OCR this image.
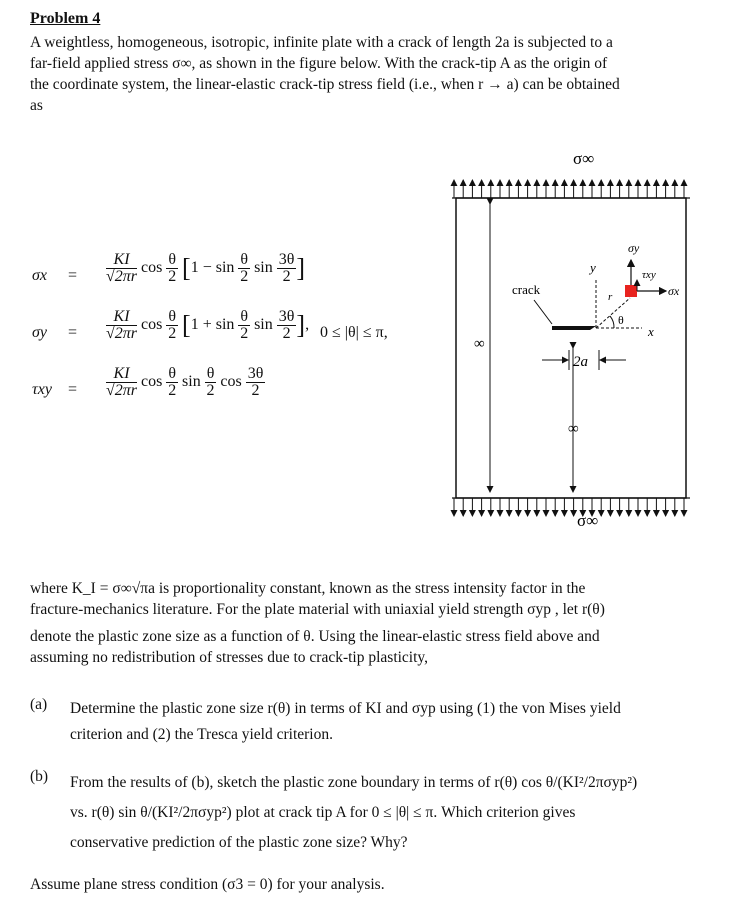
Problem 4
A weightless, homogeneous, isotropic, infinite plate with a crack of length 2a is subjected to a
far-field applied stress σ∞, as shown in the figure below. With the crack-tip A as the origin of
the coordinate system, the linear-elastic crack-tip stress field (i.e., when r → a) can be obtained
as
$\sigma x = \frac{KI}{√2\pi r}$ $\cos \frac{\theta}{2} [1 - \sin \frac{\theta}{2}$ $\sin \frac{3\theta}{2}$ ]
$\sigma y = \frac{KI}{√2\pi r}$ $\cos \frac{\theta}{2} [1 + \sin \frac{\theta}{2}$ $\sin \frac{3\theta}{2}$ ], 0 ≤ |θ| ≤ π,
$\tau xy = \frac{KI}{√2\pi r}$ $\cos \frac{\theta}{2}$ $\sin \frac{\theta}{2}$ $\cos \frac{3\theta}{2}$
σ∞
σ∞
∞
∞
crack
2a
y
x
r
θ
σy
τxy
σx
where K_I = σ∞√πa is proportionality constant, known as the stress intensity factor in the
fracture-mechanics literature. For the plate material with uniaxial yield strength σyp , let r(θ)
denote the plastic zone size as a function of θ. Using the linear-elastic stress field above and
assuming no redistribution of stresses due to crack-tip plasticity,
(a) Determine the plastic zone size r(θ) in terms of KI and σyp using (1) the von Mises yield
criterion and (2) the Tresca yield criterion.
(b) From the results of (b), sketch the plastic zone boundary in terms of r(θ) cos θ/(KI²/2πσyp²)
vs. r(θ) sin θ/(KI²/2πσyp²) plot at crack tip A for 0 ≤ |θ| ≤ π. Which criterion gives
conservative prediction of the plastic zone size? Why?
Assume plane stress condition (σ3 = 0) for your analysis.
